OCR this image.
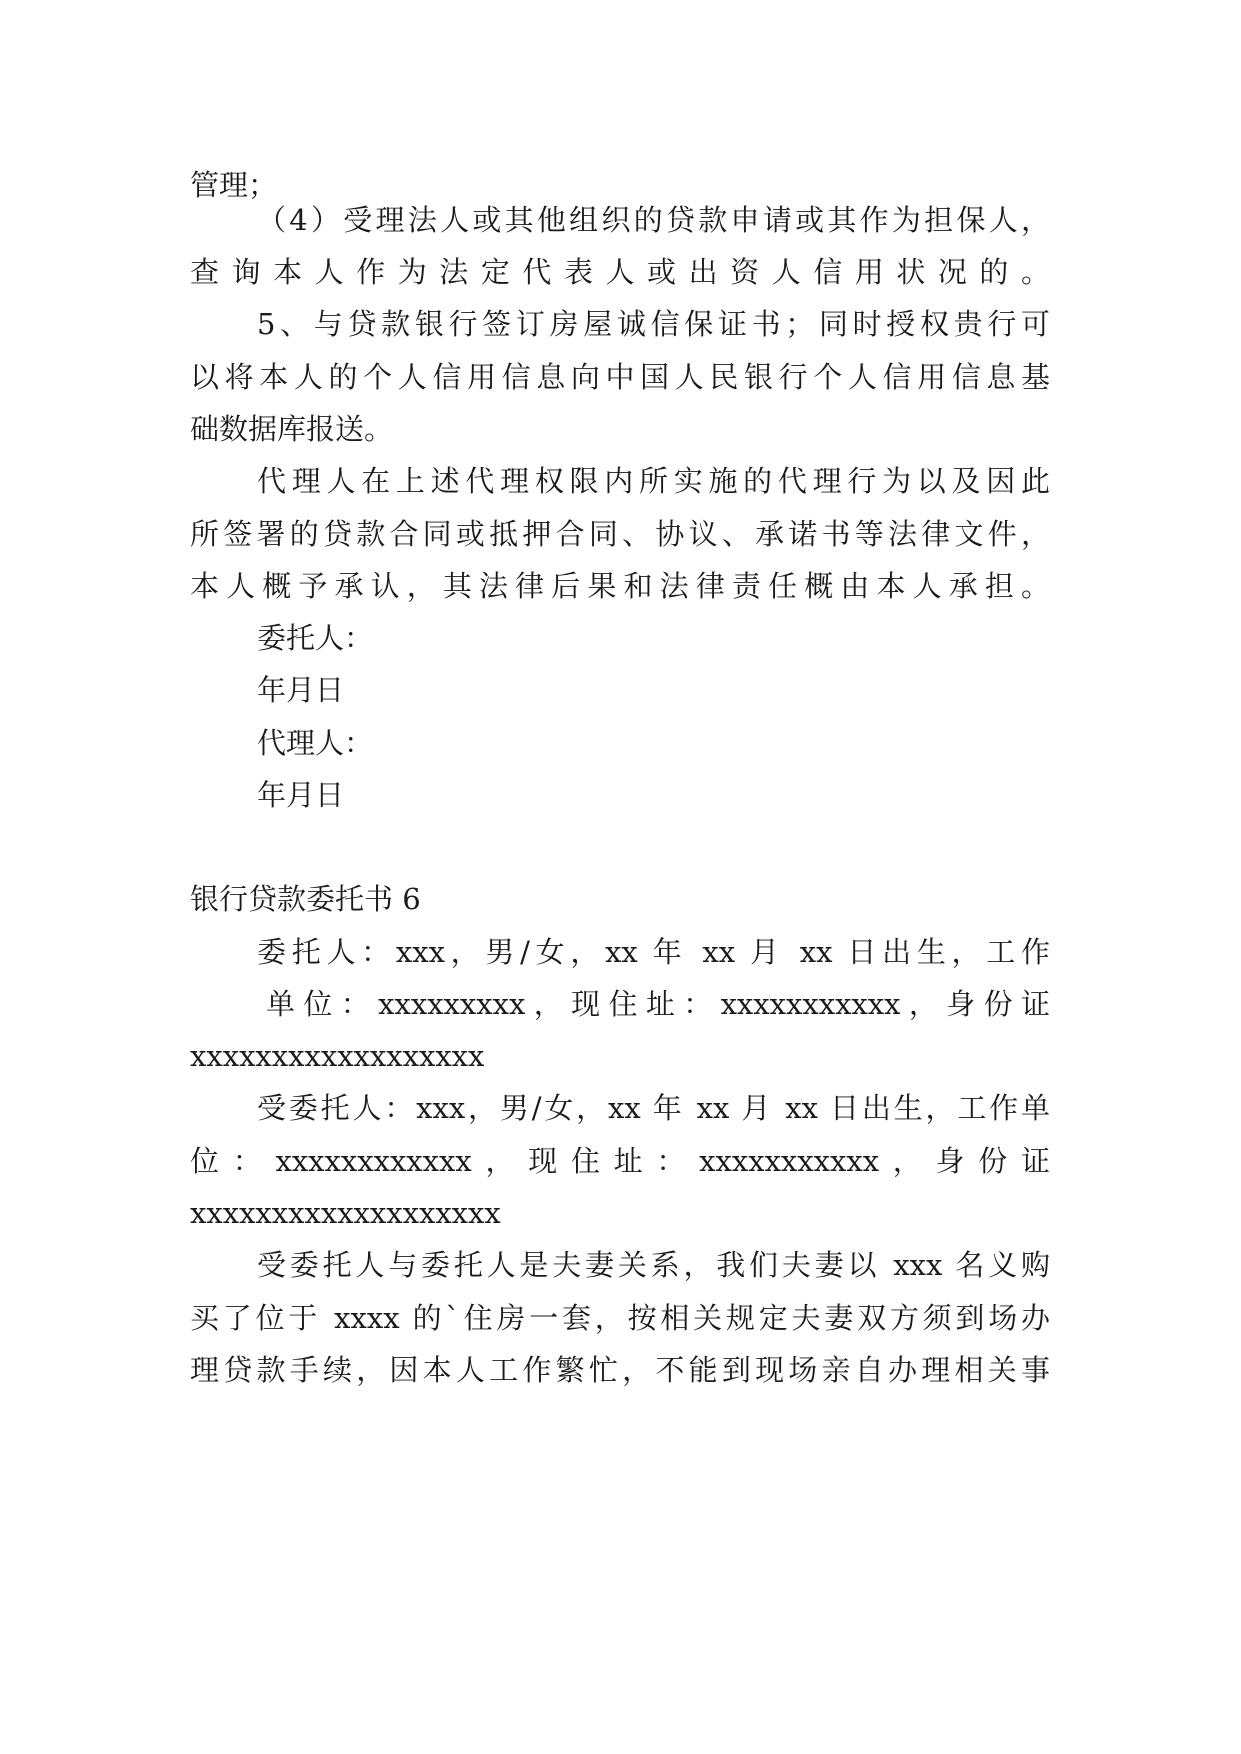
管理；
（4）受理法人或其他组织的贷款申请或其作为担保人，
查询本人作为法定代表人或出资人信用状况的。
5、与贷款银行签订房屋诚信保证书；同时授权贵行可
以将本人的个人信用信息向中国人民银行个人信用信息基
础数据库报送。
代理人在上述代理权限内所实施的代理行为以及因此
所签署的贷款合同或抵押合同、协议、承诺书等法律文件，
本人概予承认，其法律后果和法律责任概由本人承担。
委托人：
年月日
代理人：
年月日
银行贷款委托书 6
委托人：xxx，男/女，xx 年 xx 月 xx 日出生，工作
单位：xxxxxxxxx，现住址：xxxxxxxxxxx，身份证
xxxxxxxxxxxxxxxxxx
受委托人：xxx，男/女，xx 年 xx 月 xx 日出生，工作单
位：xxxxxxxxxxxx，现住址：xxxxxxxxxxx，身份证
xxxxxxxxxxxxxxxxxxx
受委托人与委托人是夫妻关系，我们夫妻以 xxx 名义购
买了位于 xxxx 的`住房一套，按相关规定夫妻双方须到场办
理贷款手续，因本人工作繁忙，不能到现场亲自办理相关事
